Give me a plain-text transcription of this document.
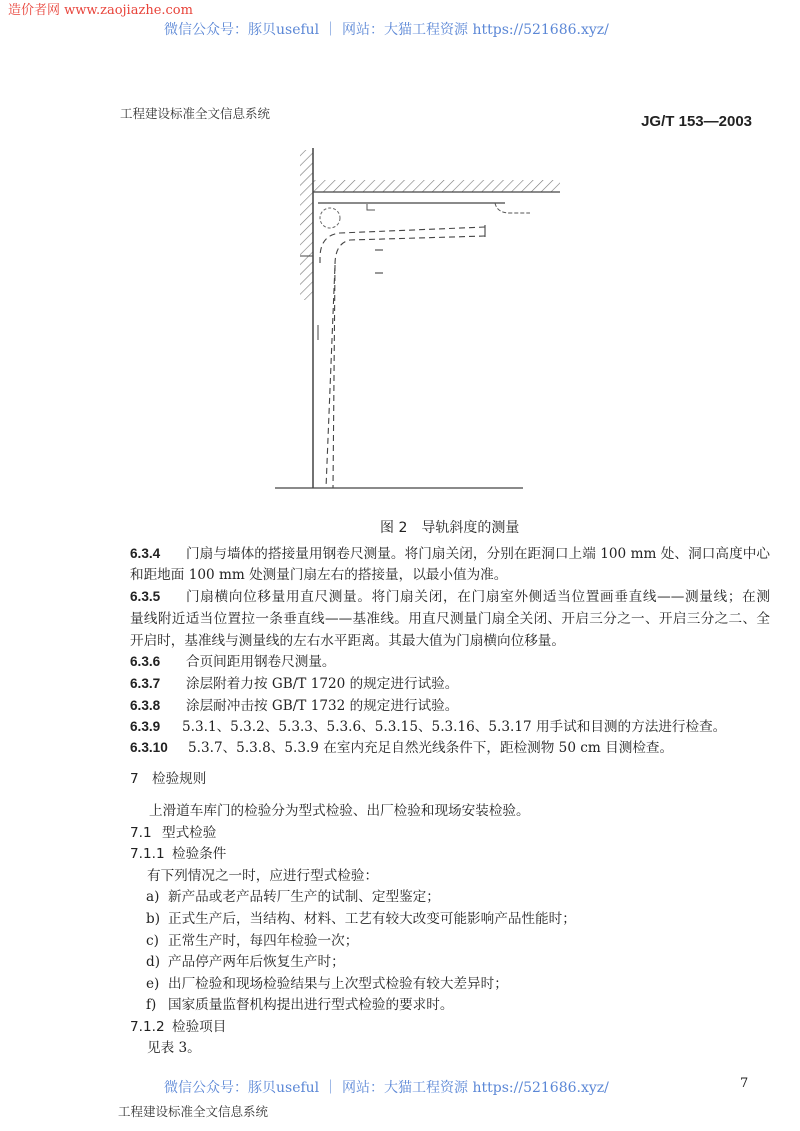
造价者网 www.zaojiazhe.com
微信公众号：豚贝useful ｜ 网站：大猫工程资源 https://521686.xyz/
工程建设标准全文信息系统	JG/T 153—2003
图 2　导轨斜度的测量
6.3.4 门扇与墙体的搭接量用钢卷尺测量。将门扇关闭，分别在距洞口上端 100 mm 处、洞口高度中心
和距地面 100 mm 处测量门扇左右的搭接量，以最小值为准。
6.3.5 门扇横向位移量用直尺测量。将门扇关闭，在门扇室外侧适当位置画垂直线——测量线；在测
量线附近适当位置拉一条垂直线——基准线。用直尺测量门扇全关闭、开启三分之一、开启三分之二、全
开启时，基准线与测量线的左右水平距离。其最大值为门扇横向位移量。
6.3.6 合页间距用钢卷尺测量。
6.3.7 涂层附着力按 GB/T 1720 的规定进行试验。
6.3.8 涂层耐冲击按 GB/T 1732 的规定进行试验。
6.3.9 5.3.1、5.3.2、5.3.3、5.3.6、5.3.15、5.3.16、5.3.17 用手试和目测的方法进行检查。
6.3.10 5.3.7、5.3.8、5.3.9 在室内充足自然光线条件下，距检测物 50 cm 目测检查。
7 检验规则
上滑道车库门的检验分为型式检验、出厂检验和现场安装检验。
7.1 型式检验
7.1.1 检验条件
有下列情况之一时，应进行型式检验：
a) 新产品或老产品转厂生产的试制、定型鉴定；
b) 正式生产后，当结构、材料、工艺有较大改变可能影响产品性能时；
c) 正常生产时，每四年检验一次；
d) 产品停产两年后恢复生产时；
e) 出厂检验和现场检验结果与上次型式检验有较大差异时；
f) 国家质量监督机构提出进行型式检验的要求时。
7.1.2 检验项目
见表 3。
微信公众号：豚贝useful ｜ 网站：大猫工程资源 https://521686.xyz/
工程建设标准全文信息系统
7
